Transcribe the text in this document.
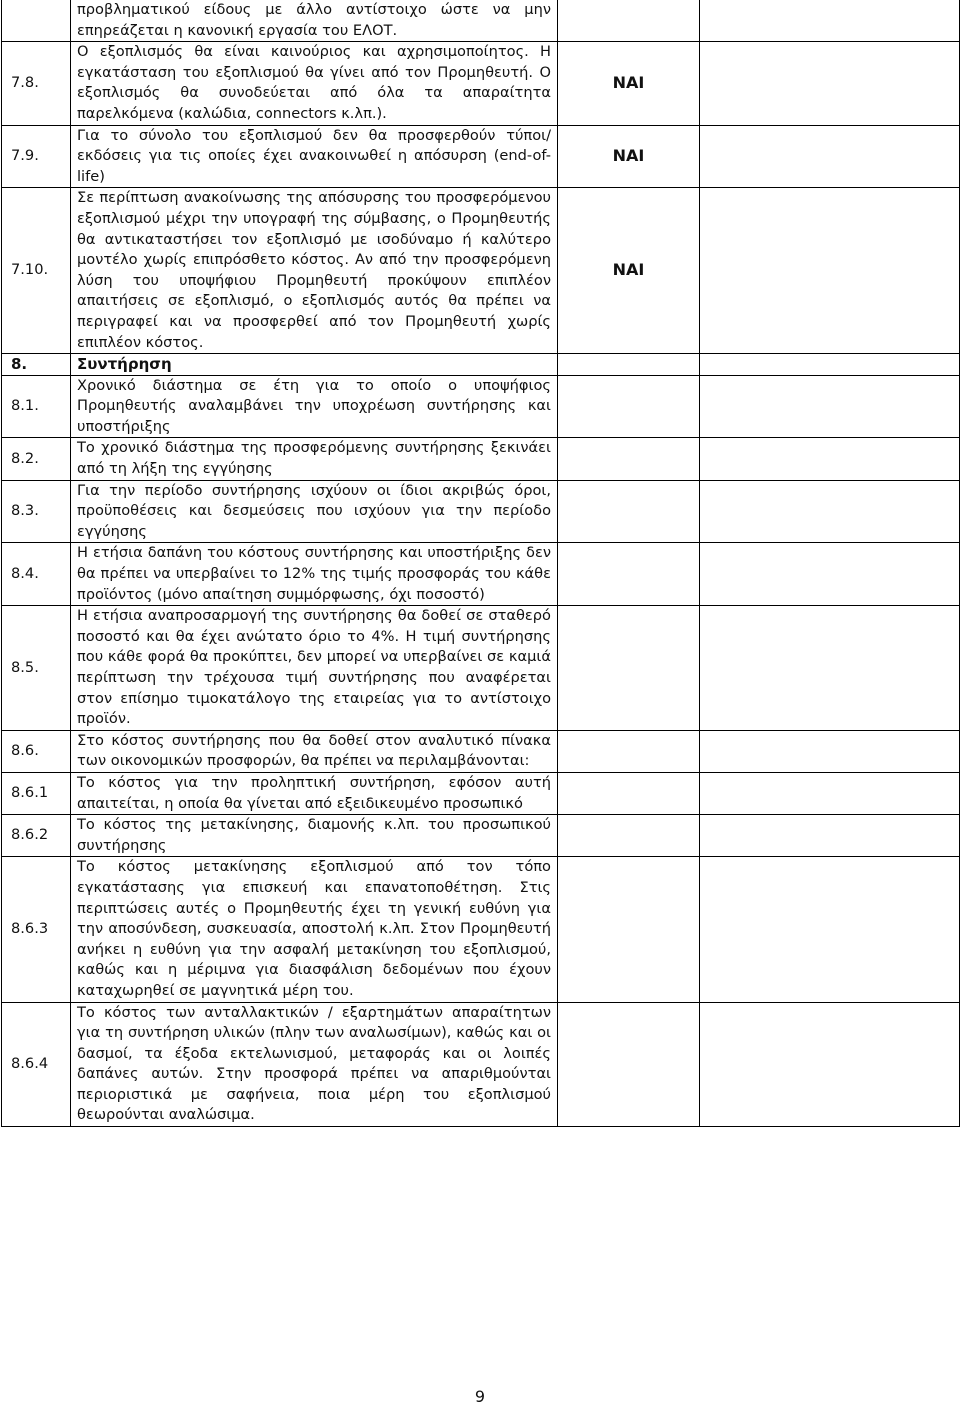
	προβληματικού είδους με άλλο αντίστοιχο ώστε να μην επηρεάζεται η κανονική εργασία του ΕΛΟΤ.		
7.8.	Ο εξοπλισμός θα είναι καινούριος και αχρησιμοποίητος. Η εγκατάσταση του εξοπλισμού θα γίνει από τον Προμηθευτή. Ο εξοπλισμός θα συνοδεύεται από όλα τα απαραίτητα παρελκόμενα (καλώδια, connectors κ.λπ.).	ΝΑΙ	
7.9.	Για το σύνολο του εξοπλισμού δεν θα προσφερθούν τύποι/ εκδόσεις για τις οποίες έχει ανακοινωθεί η απόσυρση (end-of-life)	ΝΑΙ	
7.10.	Σε περίπτωση ανακοίνωσης της απόσυρσης του προσφερόμενου εξοπλισμού μέχρι την υπογραφή της σύμβασης, ο Προμηθευτής θα αντικαταστήσει τον εξοπλισμό με ισοδύναμο ή καλύτερο μοντέλο χωρίς επιπρόσθετο κόστος. Αν από την προσφερόμενη λύση του υποψήφιου Προμηθευτή προκύψουν επιπλέον απαιτήσεις σε εξοπλισμό, ο εξοπλισμός αυτός θα πρέπει να περιγραφεί και να προσφερθεί από τον Προμηθευτή χωρίς επιπλέον κόστος.	ΝΑΙ	
8.	Συντήρηση		
8.1.	Χρονικό διάστημα σε έτη για το οποίο ο υποψήφιος Προμηθευτής αναλαμβάνει την υποχρέωση συντήρησης και υποστήριξης		
8.2.	Το χρονικό διάστημα της προσφερόμενης συντήρησης ξεκινάει από τη λήξη της εγγύησης		
8.3.	Για την περίοδο συντήρησης ισχύουν οι ίδιοι ακριβώς όροι, προϋποθέσεις και δεσμεύσεις που ισχύουν για την περίοδο εγγύησης		
8.4.	Η ετήσια δαπάνη του κόστους συντήρησης και υποστήριξης δεν θα πρέπει να υπερβαίνει το 12% της τιμής προσφοράς του κάθε προϊόντος (μόνο απαίτηση συμμόρφωσης, όχι ποσοστό)		
8.5.	Η ετήσια αναπροσαρμογή της συντήρησης θα δοθεί σε σταθερό ποσοστό και θα έχει ανώτατο όριο το 4%. Η τιμή συντήρησης που κάθε φορά θα προκύπτει, δεν μπορεί να υπερβαίνει σε καμιά περίπτωση την τρέχουσα τιμή συντήρησης που αναφέρεται στον επίσημο τιμοκατάλογο της εταιρείας για το αντίστοιχο προϊόν.		
8.6.	Στο κόστος συντήρησης που θα δοθεί στον αναλυτικό πίνακα των οικονομικών προσφορών, θα πρέπει να περιλαμβάνονται:		
8.6.1	Το κόστος για την προληπτική συντήρηση, εφόσον αυτή απαιτείται, η οποία θα γίνεται από εξειδικευμένο προσωπικό		
8.6.2	Το κόστος της μετακίνησης, διαμονής κ.λπ. του προσωπικού συντήρησης		
8.6.3	Το κόστος μετακίνησης εξοπλισμού από τον τόπο εγκατάστασης για επισκευή και επανατοποθέτηση. Στις περιπτώσεις αυτές ο Προμηθευτής έχει τη γενική ευθύνη για την αποσύνδεση, συσκευασία, αποστολή κ.λπ. Στον Προμηθευτή ανήκει η ευθύνη για την ασφαλή μετακίνηση του εξοπλισμού, καθώς και η μέριμνα για διασφάλιση δεδομένων που έχουν καταχωρηθεί σε μαγνητικά μέρη του.		
8.6.4	Το κόστος των ανταλλακτικών / εξαρτημάτων απαραίτητων για τη συντήρηση υλικών (πλην των αναλωσίμων), καθώς και οι δασμοί, τα έξοδα εκτελωνισμού, μεταφοράς και οι λοιπές δαπάνες αυτών. Στην προσφορά πρέπει να απαριθμούνται περιοριστικά με σαφήνεια, ποια μέρη του εξοπλισμού θεωρούνται αναλώσιμα.		
9
